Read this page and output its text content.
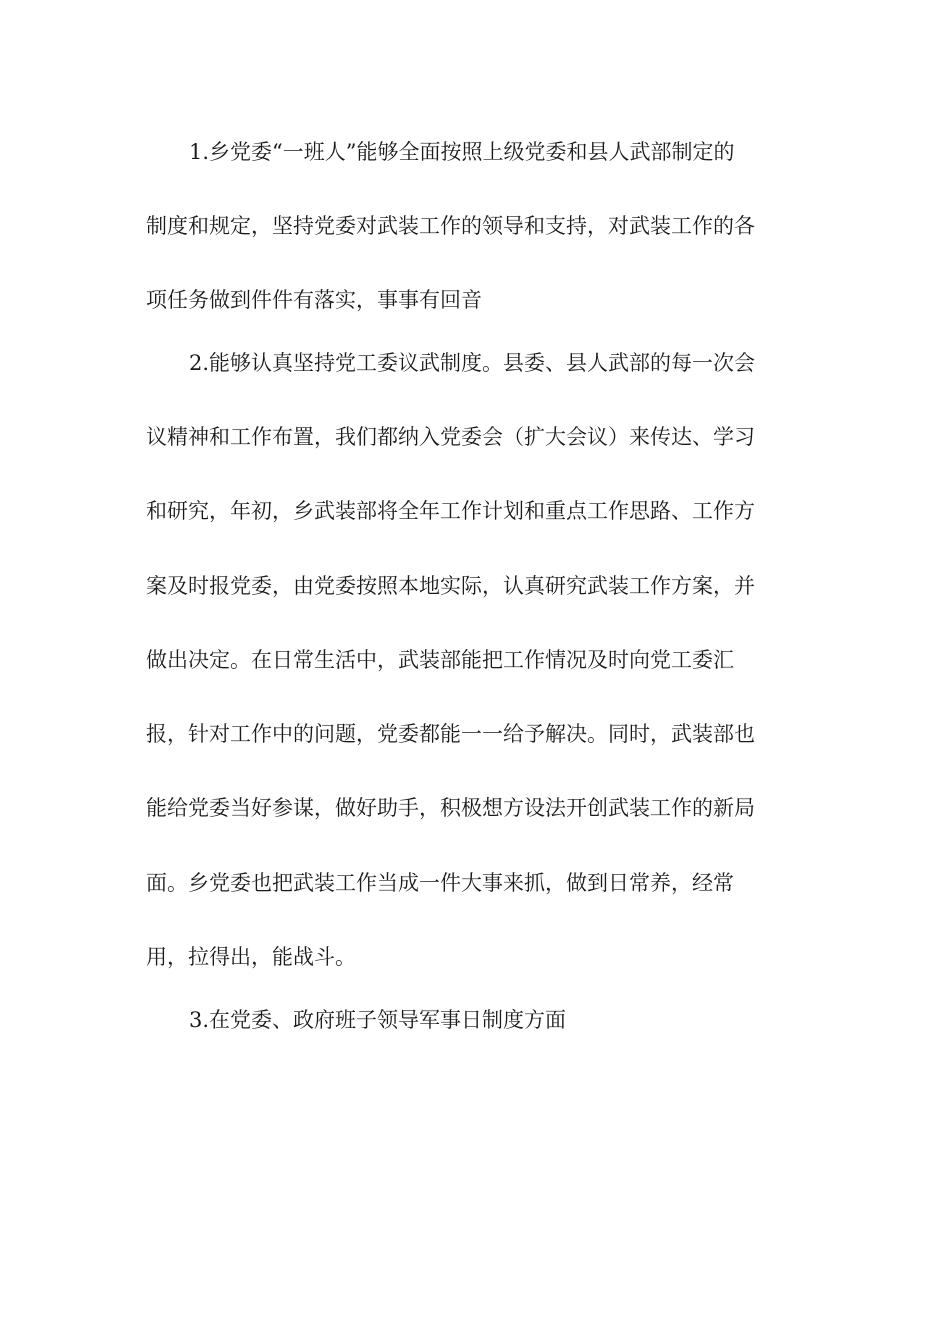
1.乡党委“一班人”能够全面按照上级党委和县人武部制定的

制度和规定，坚持党委对武装工作的领导和支持，对武装工作的各

项任务做到件件有落实，事事有回音

2.能够认真坚持党工委议武制度。县委、县人武部的每一次会

议精神和工作布置，我们都纳入党委会（扩大会议）来传达、学习

和研究，年初，乡武装部将全年工作计划和重点工作思路、工作方

案及时报党委，由党委按照本地实际，认真研究武装工作方案，并

做出决定。在日常生活中，武装部能把工作情况及时向党工委汇

报，针对工作中的问题，党委都能一一给予解决。同时，武装部也

能给党委当好参谋，做好助手，积极想方设法开创武装工作的新局

面。乡党委也把武装工作当成一件大事来抓，做到日常养，经常

用，拉得出，能战斗。

3.在党委、政府班子领导军事日制度方面
